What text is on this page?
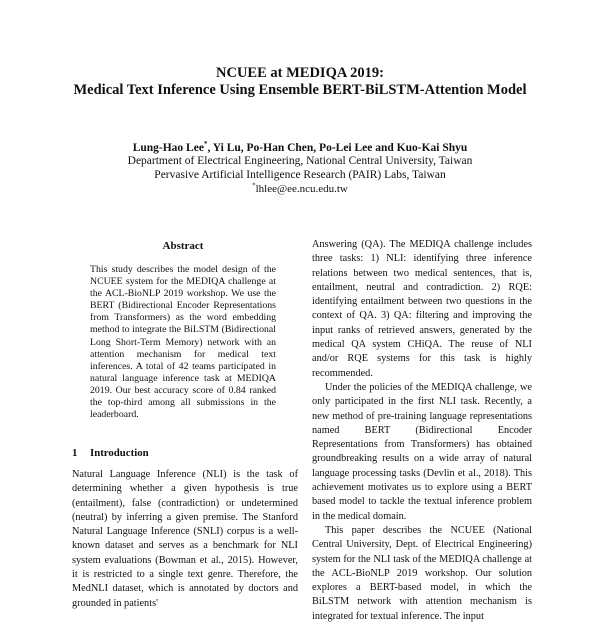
NCUEE at MEDIQA 2019:
Medical Text Inference Using Ensemble BERT-BiLSTM-Attention Model
Lung-Hao Lee*, Yi Lu, Po-Han Chen, Po-Lei Lee and Kuo-Kai Shyu
Department of Electrical Engineering, National Central University, Taiwan
Pervasive Artificial Intelligence Research (PAIR) Labs, Taiwan
*lhlee@ee.ncu.edu.tw
Abstract

This study describes the model design of the NCUEE system for the MEDIQA challenge at the ACL-BioNLP 2019 workshop. We use the BERT (Bidirectional Encoder Representations from Transformers) as the word embedding method to integrate the BiLSTM (Bidirectional Long Short-Term Memory) network with an attention mechanism for medical text inferences. A total of 42 teams participated in natural language inference task at MEDIQA 2019. Our best accuracy score of 0.84 ranked the top-third among all submissions in the leaderboard.

1 Introduction

Natural Language Inference (NLI) is the task of determining whether a given hypothesis is true (entailment), false (contradiction) or undetermined (neutral) by inferring a given premise. The Stanford Natural Language Inference (SNLI) corpus is a well-known dataset and serves as a benchmark for NLI system evaluations (Bowman et al., 2015). However, it is restricted to a single text genre. Therefore, the MedNLI dataset, which is annotated by doctors and grounded in patients'

Answering (QA). The MEDIQA challenge includes three tasks: 1) NLI: identifying three inference relations between two medical sentences, that is, entailment, neutral and contradiction. 2) RQE: identifying entailment between two questions in the context of QA. 3) QA: filtering and improving the input ranks of retrieved answers, generated by the medical QA system CHiQA. The reuse of NLI and/or RQE systems for this task is highly recommended.

Under the policies of the MEDIQA challenge, we only participated in the first NLI task. Recently, a new method of pre-training language representations named BERT (Bidirectional Encoder Representations from Transformers) has obtained groundbreaking results on a wide array of natural language processing tasks (Devlin et al., 2018). This achievement motivates us to explore using a BERT based model to tackle the textual inference problem in the medical domain.

This paper describes the NCUEE (National Central University, Dept. of Electrical Engineering) system for the NLI task of the MEDIQA challenge at the ACL-BioNLP 2019 workshop. Our solution explores a BERT-based model, in which the BiLSTM network with attention mechanism is integrated for textual inference. The input
